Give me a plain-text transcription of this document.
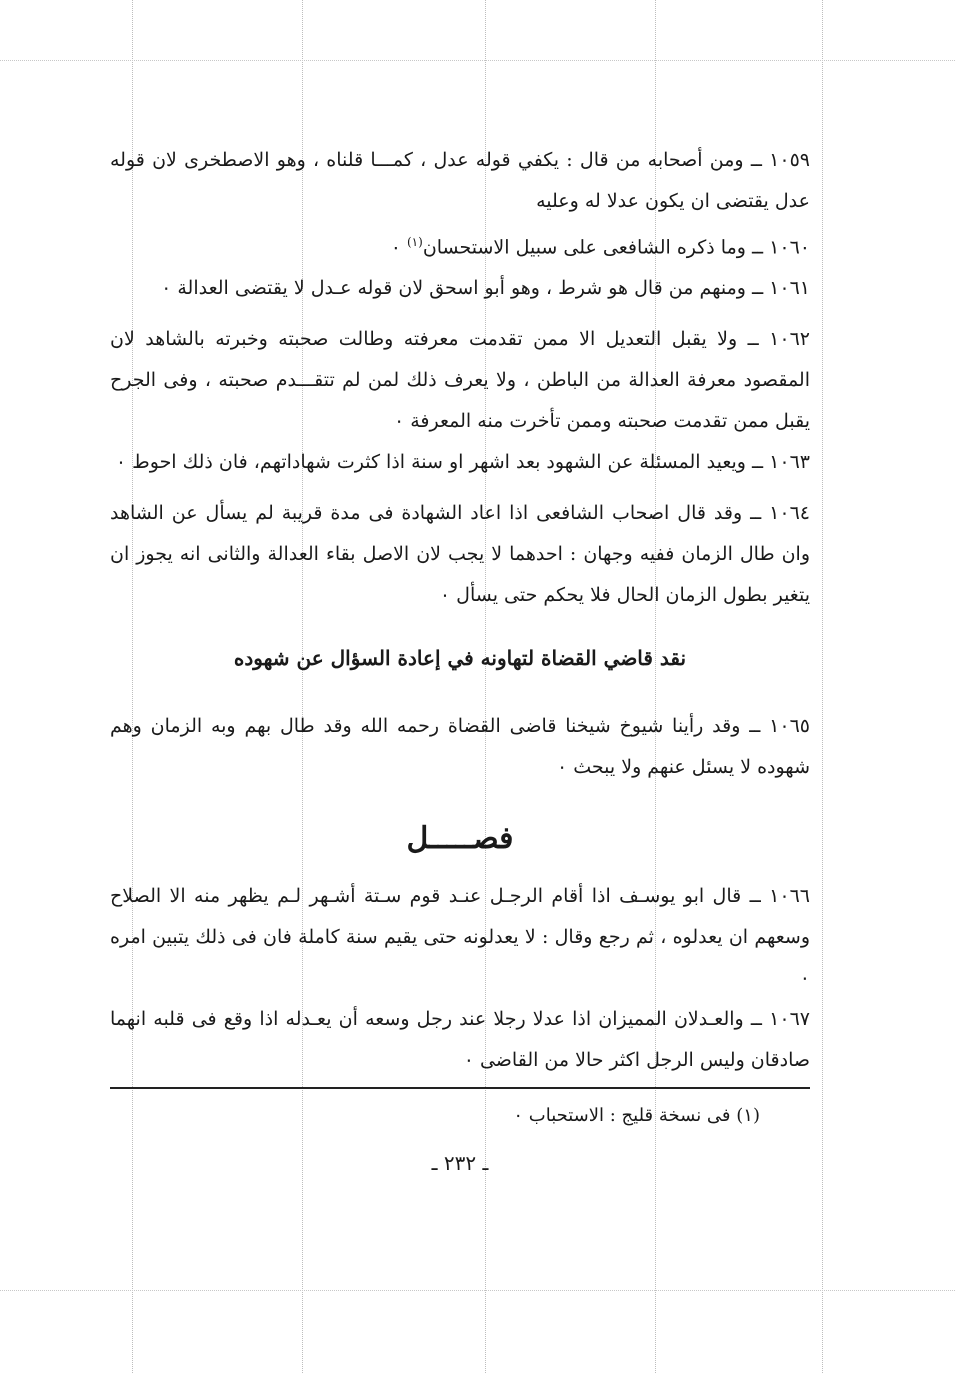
١٠٥٩ ــ ومن أصحابه من قال : يكفي قوله عدل ، كمـــا قلناه ، وهو الاصطخرى لان قوله عدل يقتضى ان يكون عدلا له وعليه

١٠٦٠ ــ وما ذكره الشافعى على سبيل الاستحسان$^{(١)}$ ٠

١٠٦١ ــ ومنهم من قال هو شرط ، وهو أبو اسحق لان قوله عـدل لا يقتضى العدالة ٠

١٠٦٢ ــ ولا يقبل التعديل الا ممن تقدمت معرفته وطالت صحبته وخبرته بالشاهد لان المقصود معرفة العدالة من الباطن ، ولا يعرف ذلك لمن لم تتقـــدم صحبته ، وفى الجرح يقبل ممن تقدمت صحبته وممن تأخرت منه المعرفة ٠

١٠٦٣ ــ ويعيد المسئلة عن الشهود بعد اشهر او سنة اذا كثرت شهاداتهم، فان ذلك احوط ٠

١٠٦٤ ــ وقد قال اصحاب الشافعى اذا اعاد الشهادة فى مدة قريبة لم يسأل عن الشاهد وان طال الزمان ففيه وجهان : احدهما لا يجب لان الاصل بقاء العدالة والثانى انه يجوز ان يتغير بطول الزمان الحال فلا يحكم حتى يسأل ٠

نقد قاضي القضاة لتهاونه في إعادة السؤال عن شهوده

١٠٦٥ ــ وقد رأينا شيوخ شيخنا قاضى القضاة رحمه الله وقد طال بهم وبه الزمان وهم شهوده لا يسئل عنهم ولا يبحث ٠

فصـــــل

١٠٦٦ ــ قال ابو يوسـف اذا أقام الرجـل عنـد قوم سـتة أشـهر لـم يظهر منه الا الصلاح وسعهم ان يعدلوه ، ثم رجع وقال : لا يعدلونه حتى يقيم سنة كاملة فان فى ذلك يتبين امره ٠

١٠٦٧ ــ والعـدلان المميزان اذا عدلا رجلا عند رجل وسعه أن يعـدله اذا وقع فى قلبه انهما صادقان وليس الرجل اكثر حالا من القاضى ٠

(١) فى نسخة قليج : الاستحباب ٠
ـ ٢٣٢ ـ
